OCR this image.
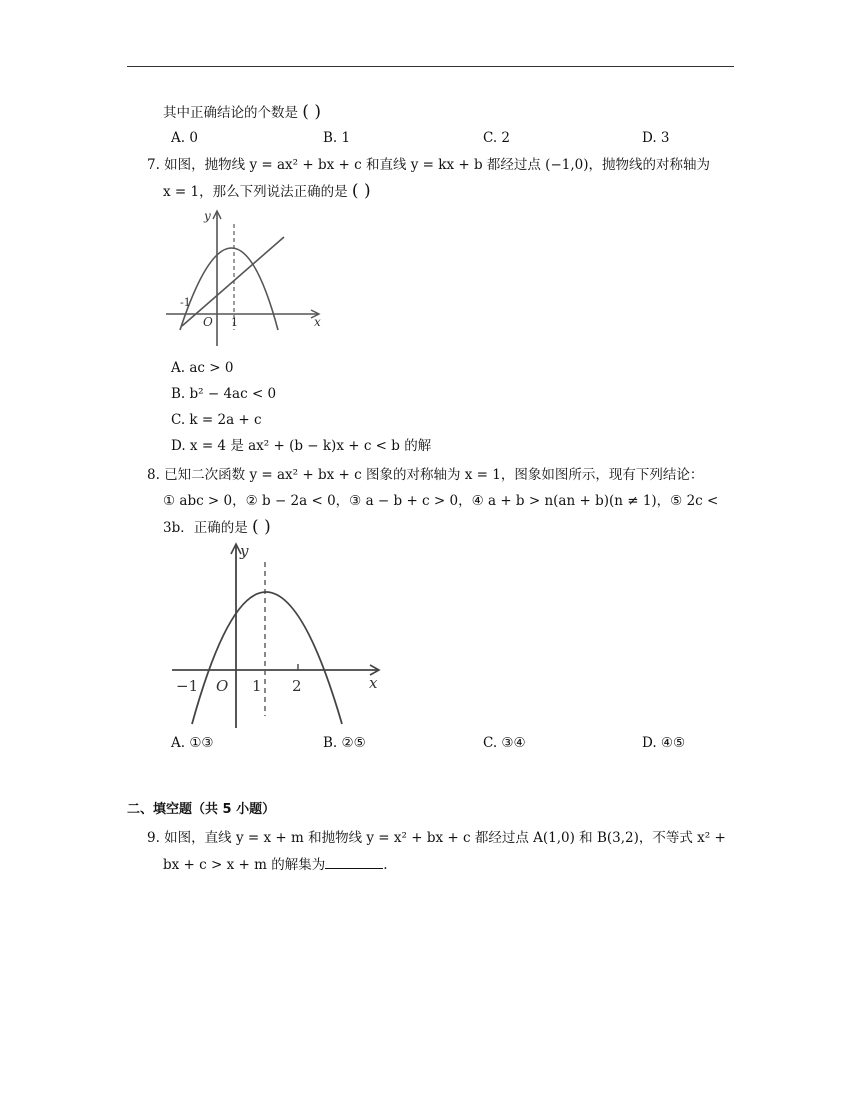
其中正确结论的个数是 ( )
A. 0	B. 1	C. 2	D. 3
7. 如图，抛物线 y = ax² + bx + c 和直线 y = kx + b 都经过点 (−1,0)，抛物线的对称轴为
x = 1，那么下列说法正确的是 ( )
y
x
O
-1
1
A. ac > 0
B. b² − 4ac < 0
C. k = 2a + c
D. x = 4 是 ax² + (b − k)x + c < b 的解
8. 已知二次函数 y = ax² + bx + c 图象的对称轴为 x = 1，图象如图所示，现有下列结论：
① abc > 0，② b − 2a < 0，③ a − b + c > 0，④ a + b > n(an + b)(n ≠ 1)，⑤ 2c <
3b．正确的是 ( )
y
x
O
−1	1 2
A. ①③	B. ②⑤	C. ③④	D. ④⑤
二、填空题（共 5 小题）
9. 如图，直线 y = x + m 和抛物线 y = x² + bx + c 都经过点 A(1,0) 和 B(3,2)，不等式 x² +
bx + c > x + m 的解集为	.
